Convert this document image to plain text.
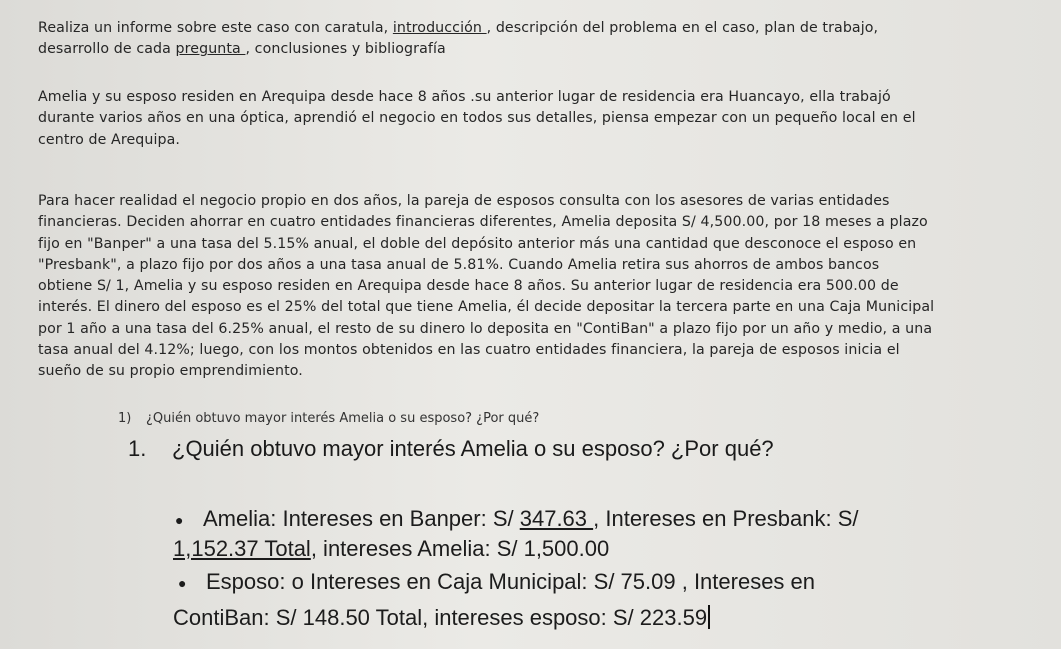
Realiza un informe sobre este caso con caratula, introducción , descripción del problema en el caso, plan de trabajo,
desarrollo de cada pregunta , conclusiones y bibliografía
Amelia y su esposo residen en Arequipa desde hace 8 años .su anterior lugar de residencia era Huancayo, ella trabajó
durante varios años en una óptica, aprendió el negocio en todos sus detalles, piensa empezar con un pequeño local en el
centro de Arequipa.
Para hacer realidad el negocio propio en dos años, la pareja de esposos consulta con los asesores de varias entidades
financieras. Deciden ahorrar en cuatro entidades financieras diferentes, Amelia deposita S/ 4,500.00, por 18 meses a plazo
fijo en "Banper" a una tasa del 5.15% anual, el doble del depósito anterior más una cantidad que desconoce el esposo en
"Presbank", a plazo fijo por dos años a una tasa anual de 5.81%. Cuando Amelia retira sus ahorros de ambos bancos
obtiene S/ 1, Amelia y su esposo residen en Arequipa desde hace 8 años. Su anterior lugar de residencia era 500.00 de
interés. El dinero del esposo es el 25% del total que tiene Amelia, él decide depositar la tercera parte en una Caja Municipal
por 1 año a una tasa del 6.25% anual, el resto de su dinero lo deposita en "ContiBan" a plazo fijo por un año y medio, a una
tasa anual del 4.12%; luego, con los montos obtenidos en las cuatro entidades financiera, la pareja de esposos inicia el
sueño de su propio emprendimiento.
1) ¿Quién obtuvo mayor interés Amelia o su esposo? ¿Por qué?
1. ¿Quién obtuvo mayor interés Amelia o su esposo? ¿Por qué?
● Amelia: Intereses en Banper: S/ 347.63 , Intereses en Presbank: S/
1,152.37 Total, intereses Amelia: S/ 1,500.00
● Esposo: o Intereses en Caja Municipal: S/ 75.09 , Intereses en
ContiBan: S/ 148.50 Total, intereses esposo: S/ 223.59
